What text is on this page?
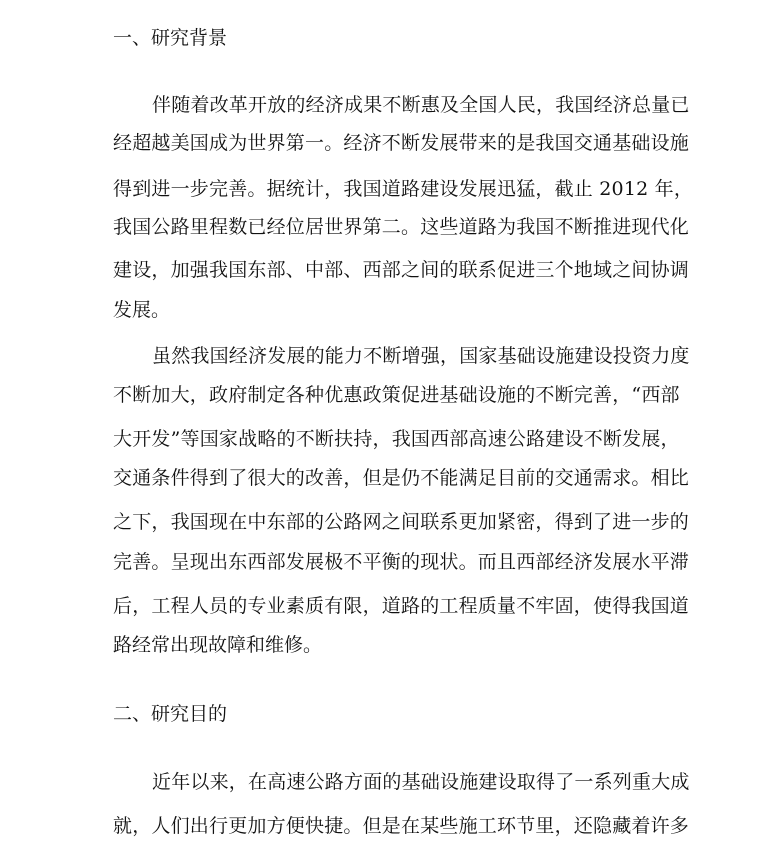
一、研究背景
伴随着改革开放的经济成果不断惠及全国人民，我国经济总量已
经超越美国成为世界第一。经济不断发展带来的是我国交通基础设施
得到进一步完善。据统计，我国道路建设发展迅猛，截止 2012 年，
我国公路里程数已经位居世界第二。这些道路为我国不断推进现代化
建设，加强我国东部、中部、西部之间的联系促进三个地域之间协调
发展。
虽然我国经济发展的能力不断增强，国家基础设施建设投资力度
不断加大，政府制定各种优惠政策促进基础设施的不断完善，“西部
大开发”等国家战略的不断扶持，我国西部高速公路建设不断发展，
交通条件得到了很大的改善，但是仍不能满足目前的交通需求。相比
之下，我国现在中东部的公路网之间联系更加紧密，得到了进一步的
完善。呈现出东西部发展极不平衡的现状。而且西部经济发展水平滞
后，工程人员的专业素质有限，道路的工程质量不牢固，使得我国道
路经常出现故障和维修。
二、研究目的
近年以来，在高速公路方面的基础设施建设取得了一系列重大成
就，人们出行更加方便快捷。但是在某些施工环节里，还隐藏着许多
